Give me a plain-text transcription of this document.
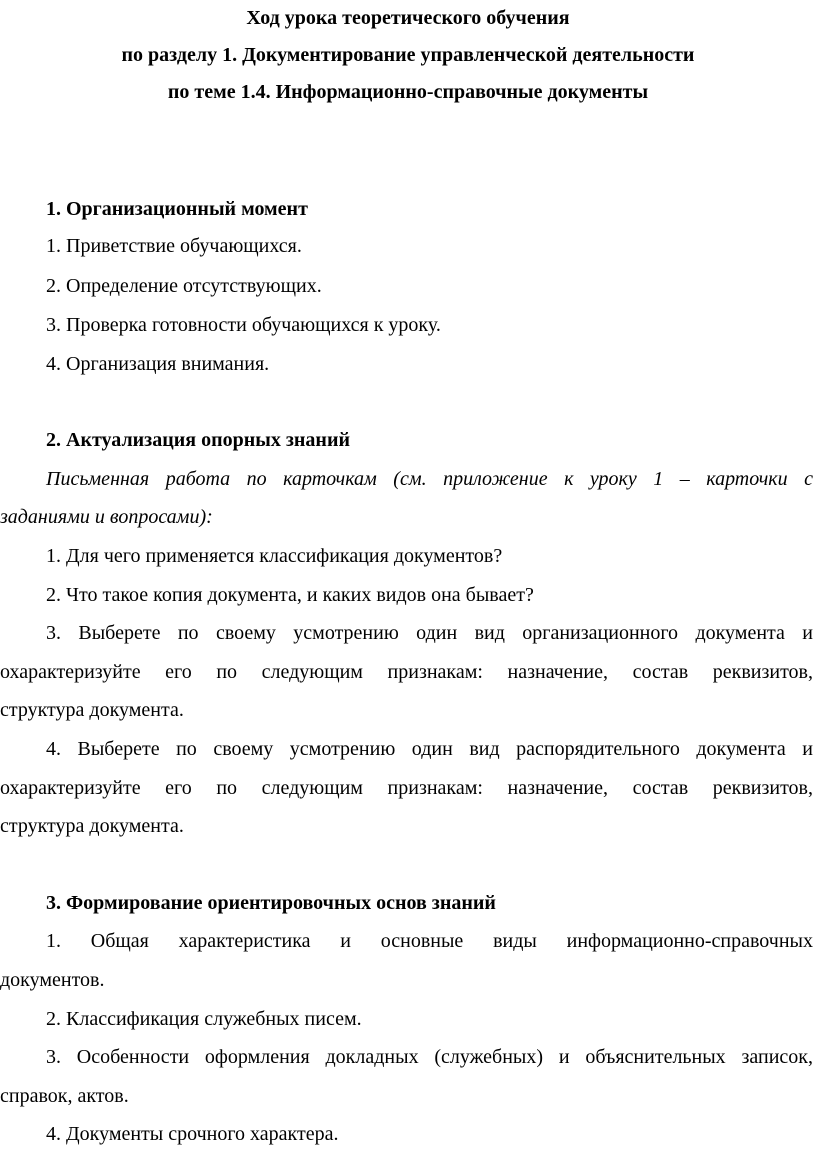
Ход урока теоретического обучения
по разделу 1. Документирование управленческой деятельности
по теме 1.4. Информационно-справочные документы
1. Организационный момент
1. Приветствие обучающихся.
2. Определение отсутствующих.
3. Проверка готовности обучающихся к уроку.
4. Организация внимания.
2. Актуализация опорных знаний
Письменная работа по карточкам (см. приложение к уроку 1 – карточки с
заданиями и вопросами):
1. Для чего применяется классификация документов?
2. Что такое копия документа, и каких видов она бывает?
3. Выберете по своему усмотрению один вид организационного документа и
охарактеризуйте его по следующим признакам: назначение, состав реквизитов,
структура документа.
4. Выберете по своему усмотрению один вид распорядительного документа и
охарактеризуйте его по следующим признакам: назначение, состав реквизитов,
структура документа.
3. Формирование ориентировочных основ знаний
1. Общая характеристика и основные виды информационно-справочных
документов.
2. Классификация служебных писем.
3. Особенности оформления докладных (служебных) и объяснительных записок,
справок, актов.
4. Документы срочного характера.
